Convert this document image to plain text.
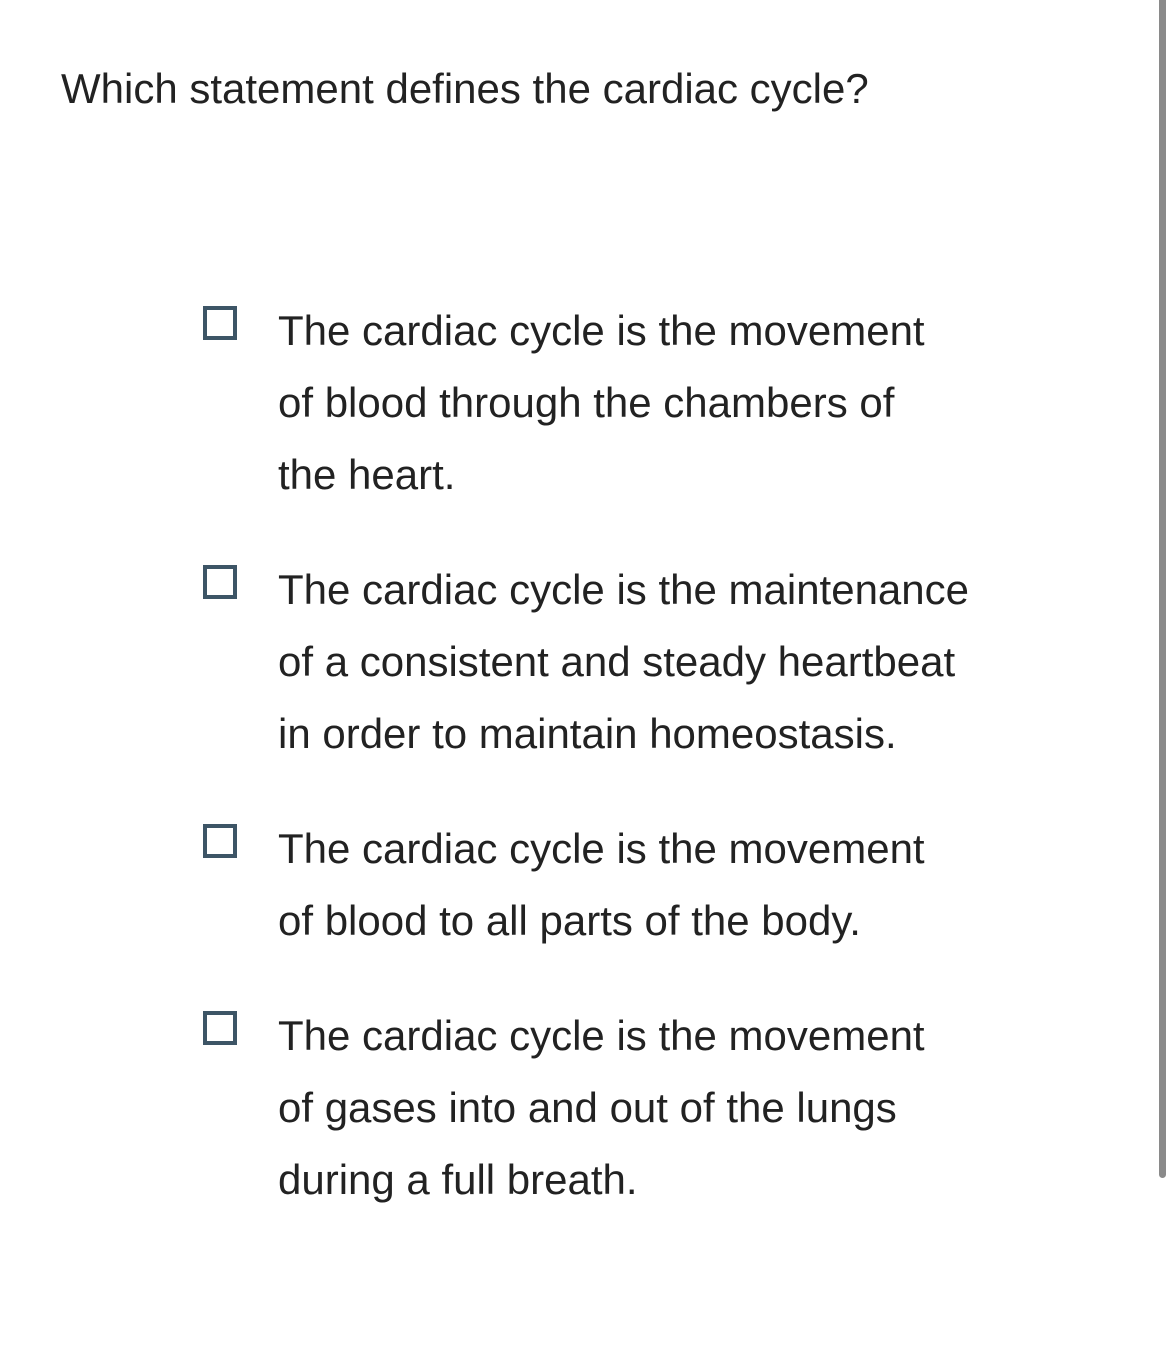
Which statement defines the cardiac cycle?
The cardiac cycle is the movement
of blood through the chambers of
the heart.
The cardiac cycle is the maintenance
of a consistent and steady heartbeat
in order to maintain homeostasis.
The cardiac cycle is the movement
of blood to all parts of the body.
The cardiac cycle is the movement
of gases into and out of the lungs
during a full breath.
